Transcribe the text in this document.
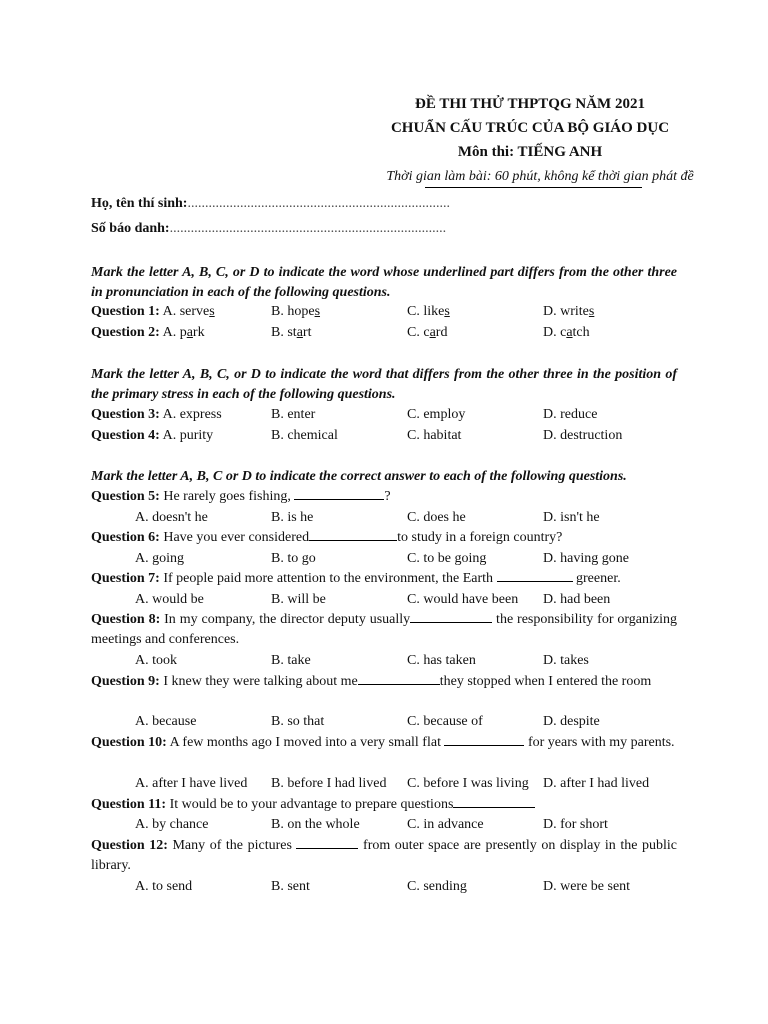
ĐỀ THI THỬ THPTQG NĂM 2021
CHUẨN CẤU TRÚC CỦA BỘ GIÁO DỤC
Môn thi: TIẾNG ANH
Thời gian làm bài: 60 phút, không kể thời gian phát đề
Họ, tên thí sinh:...........................................................................
Số báo danh:...............................................................................
Mark the letter A, B, C, or D to indicate the word whose underlined part differs from the other three in pronunciation in each of the following questions.
Question 1: A. serves	B. hopes	C. likes	D. writes
Question 2: A. park	B. start	C. card	D. catch
Mark the letter A, B, C, or D to indicate the word that differs from the other three in the position of the primary stress in each of the following questions.
Question 3: A. express	B. enter	C. employ	D. reduce
Question 4: A. purity	B. chemical	C. habitat	D. destruction
Mark the letter A, B, C or D to indicate the correct answer to each of the following questions.
Question 5: He rarely goes fishing,	?
A. doesn't he	B. is he	C. does he	D. isn't he
Question 6: Have you ever considered	to study in a foreign country?
A. going	B. to go	C. to be going	D. having gone
Question 7: If people paid more attention to the environment, the Earth	greener.
A. would be	B. will be	C. would have been D. had been
Question 8: In my company, the director deputy usually	the responsibility for organizing meetings and conferences.
A. took	B. take	C. has taken	D. takes
Question 9: I knew they were talking about me	they stopped when I entered the room
A. because	B. so that	C. because of	D. despite
Question 10: A few months ago I moved into a very small flat	for years with my parents.
A. after I have lived B. before I had lived C. before I was living D. after I had lived
Question 11: It would be to your advantage to prepare questions
A. by chance	B. on the whole	C. in advance	D. for short
Question 12: Many of the pictures	from outer space are presently on display in the public library.
A. to send	B. sent	C. sending	D. were be sent
